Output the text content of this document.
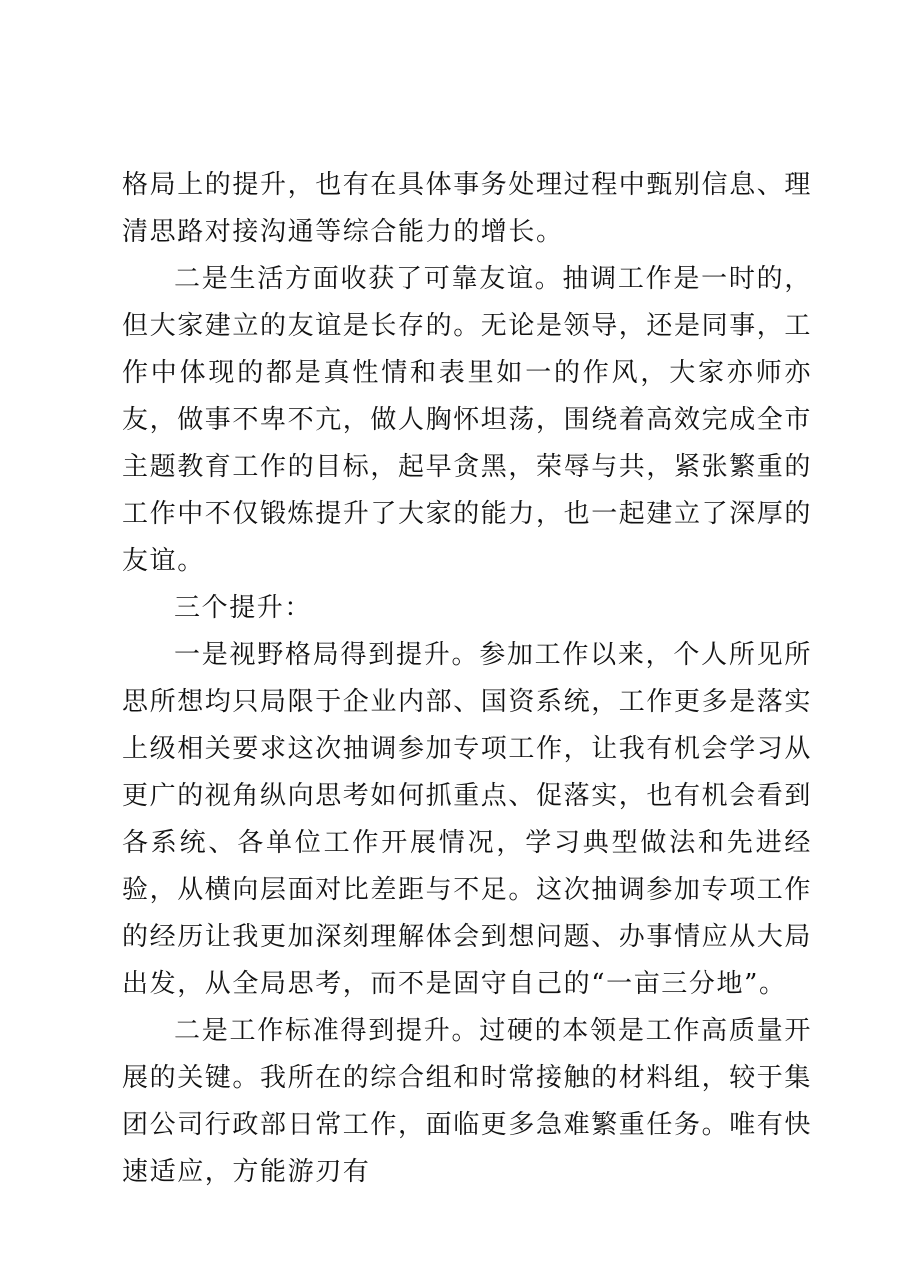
格局上的提升，也有在具体事务处理过程中甄别信息、理清思路对接沟通等综合能力的增长。

二是生活方面收获了可靠友谊。抽调工作是一时的，但大家建立的友谊是长存的。无论是领导，还是同事，工作中体现的都是真性情和表里如一的作风，大家亦师亦友，做事不卑不亢，做人胸怀坦荡，围绕着高效完成全市主题教育工作的目标，起早贪黑，荣辱与共，紧张繁重的工作中不仅锻炼提升了大家的能力，也一起建立了深厚的友谊。

三个提升：

一是视野格局得到提升。参加工作以来，个人所见所思所想均只局限于企业内部、国资系统，工作更多是落实上级相关要求这次抽调参加专项工作，让我有机会学习从更广的视角纵向思考如何抓重点、促落实，也有机会看到各系统、各单位工作开展情况，学习典型做法和先进经验，从横向层面对比差距与不足。这次抽调参加专项工作的经历让我更加深刻理解体会到想问题、办事情应从大局出发，从全局思考，而不是固守自己的“一亩三分地”。

二是工作标准得到提升。过硬的本领是工作高质量开展的关键。我所在的综合组和时常接触的材料组，较于集团公司行政部日常工作，面临更多急难繁重任务。唯有快速适应，方能游刃有
